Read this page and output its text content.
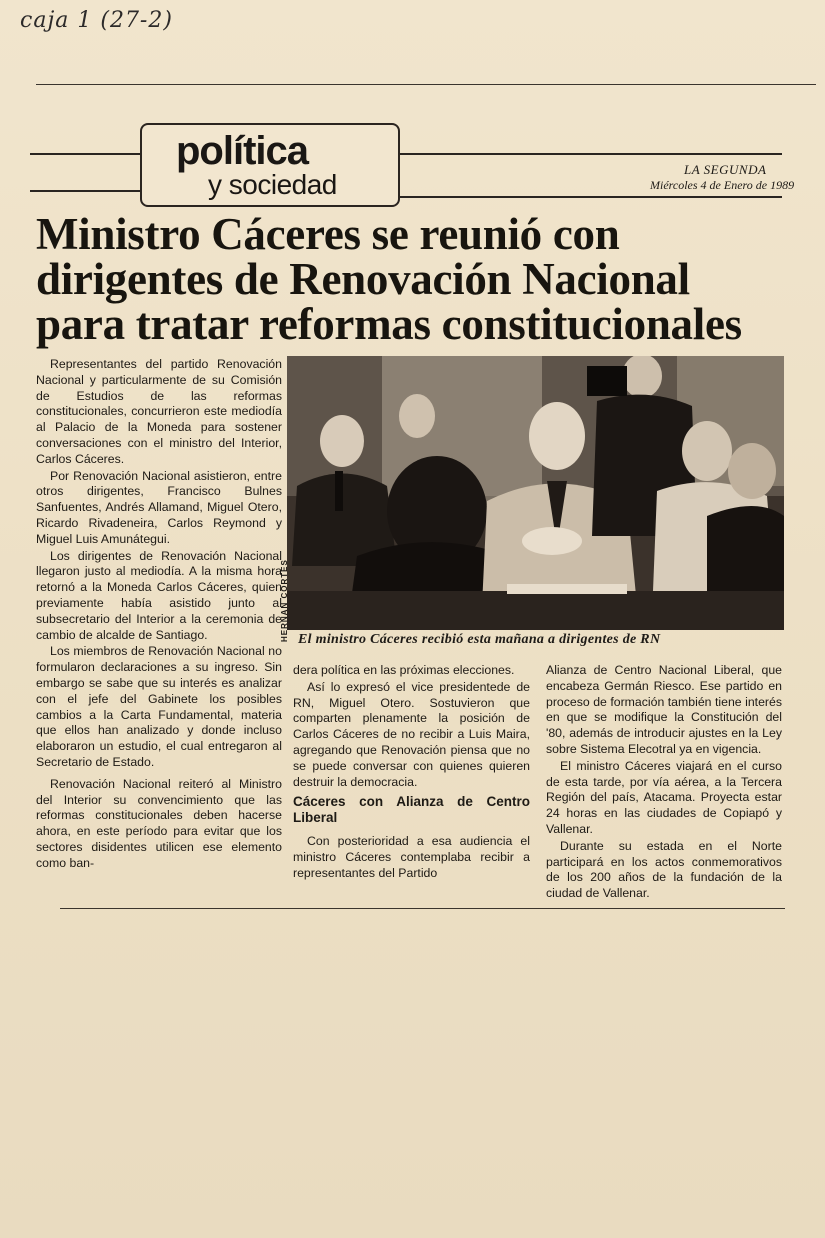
caja 1 (27-2)
política
y sociedad	LA SEGUNDA
Miércoles 4 de Enero de 1989
Ministro Cáceres se reunió con
dirigentes de Renovación Nacional
para tratar reformas constitucionales
HERNAN CORTES El ministro Cáceres recibió esta mañana a dirigentes de RN

Representantes del partido Renovación Nacional y particularmente de su Comisión de Estudios de las reformas constitucionales, concurrieron este mediodía al Palacio de la Moneda para sostener conversaciones con el ministro del Interior, Carlos Cáceres.

Por Renovación Nacional asistieron, entre otros dirigentes, Francisco Bulnes Sanfuentes, Andrés Allamand, Miguel Otero, Ricardo Rivadeneira, Carlos Reymond y Miguel Luis Amunátegui.

Los dirigentes de Renovación Nacional llegaron justo al mediodía. A la misma hora retornó a la Moneda Carlos Cáceres, quien previamente había asistido junto al subsecretario del Interior a la ceremonia de cambio de alcalde de Santiago.

Los miembros de Renovación Nacional no formularon declaraciones a su ingreso. Sin embargo se sabe que su interés es analizar con el jefe del Gabinete los posibles cambios a la Carta Fundamental, materia que ellos han analizado y donde incluso elaboraron un estudio, el cual entregaron al Secretario de Estado.

Renovación Nacional reiteró al Ministro del Interior su convencimiento que las reformas constitucionales deben hacerse ahora, en este período para evitar que los sectores disidentes utilicen ese elemento como ban-

dera política en las próximas elecciones.

Así lo expresó el vice presidentede de RN, Miguel Otero. Sostuvieron que comparten plenamente la posición de Carlos Cáceres de no recibir a Luis Maira, agregando que Renovación piensa que no se puede conversar con quienes quieren destruir la democracia.

Cáceres con Alianza de Centro Liberal

Con posterioridad a esa audiencia el ministro Cáceres contemplaba recibir a representantes del Partido

Alianza de Centro Nacional Liberal, que encabeza Germán Riesco. Ese partido en proceso de formación también tiene interés en que se modifique la Constitución del '80, además de introducir ajustes en la Ley sobre Sistema Elecotral ya en vigencia.

El ministro Cáceres viajará en el curso de esta tarde, por vía aérea, a la Tercera Región del país, Atacama. Proyecta estar 24 horas en las ciudades de Copiapó y Vallenar.

Durante su estada en el Norte participará en los actos conmemorativos de los 200 años de la fundación de la ciudad de Vallenar.
